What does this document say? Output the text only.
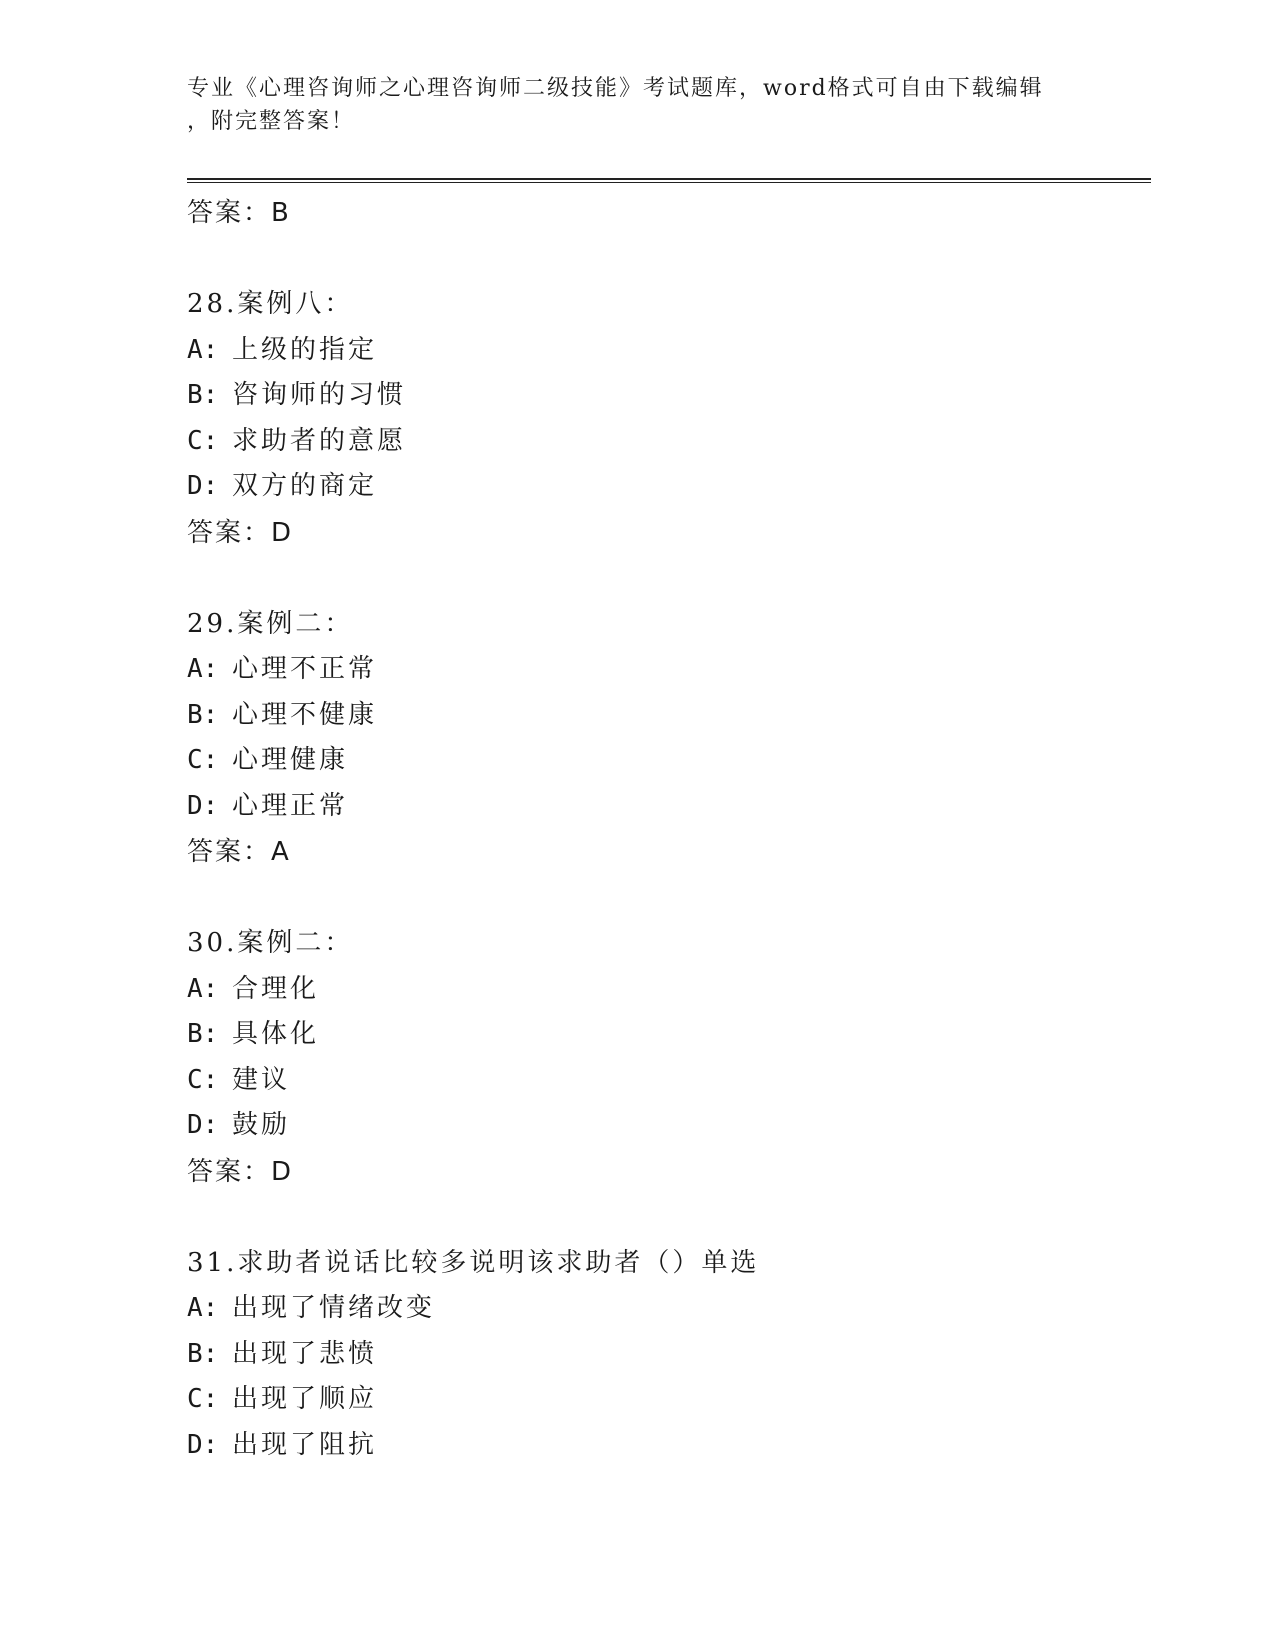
专业《心理咨询师之心理咨询师二级技能》考试题库，word格式可自由下载编辑
，附完整答案！
答案：B
28.案例八：
A: 上级的指定
B: 咨询师的习惯
C: 求助者的意愿
D: 双方的商定
答案：D
29.案例二：
A: 心理不正常
B: 心理不健康
C: 心理健康
D: 心理正常
答案：A
30.案例二：
A: 合理化
B: 具体化
C: 建议
D: 鼓励
答案：D
31.求助者说话比较多说明该求助者（）单选
A: 出现了情绪改变
B: 出现了悲愤
C: 出现了顺应
D: 出现了阻抗
